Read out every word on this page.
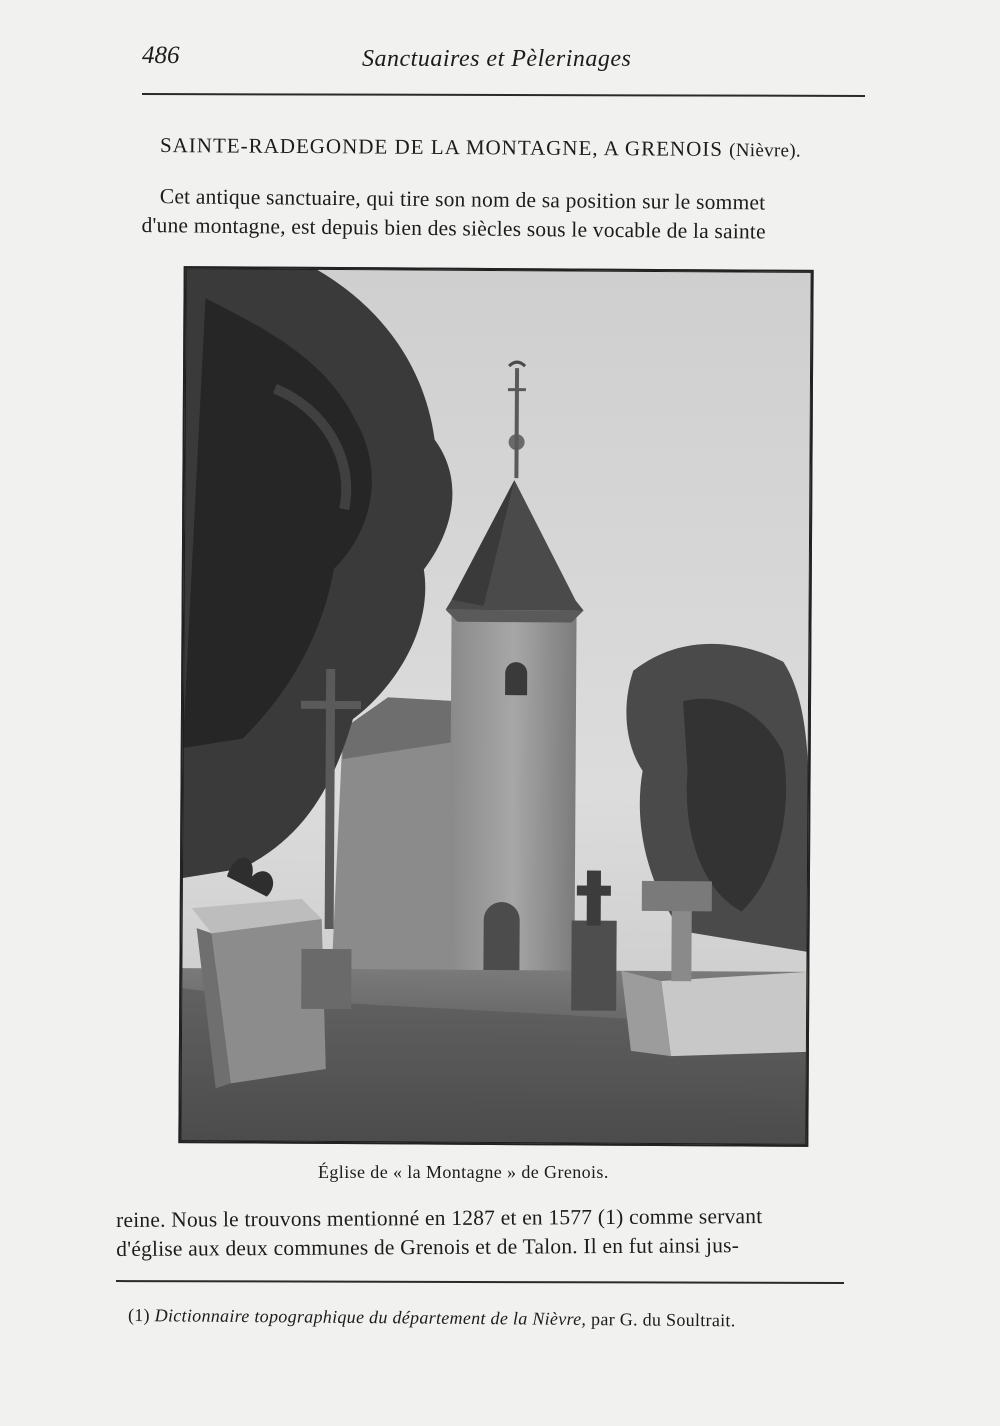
486	Sanctuaires et Pèlerinages
SAINTE-RADEGONDE DE LA MONTAGNE, A GRENOIS (Nièvre).
Cet antique sanctuaire, qui tire son nom de sa position sur le sommet
d'une montagne, est depuis bien des siècles sous le vocable de la sainte
Église de « la Montagne » de Grenois.
reine. Nous le trouvons mentionné en 1287 et en 1577 (1) comme servant
d'église aux deux communes de Grenois et de Talon. Il en fut ainsi jus-
(1) Dictionnaire topographique du département de la Nièvre, par G. du Soultrait.
